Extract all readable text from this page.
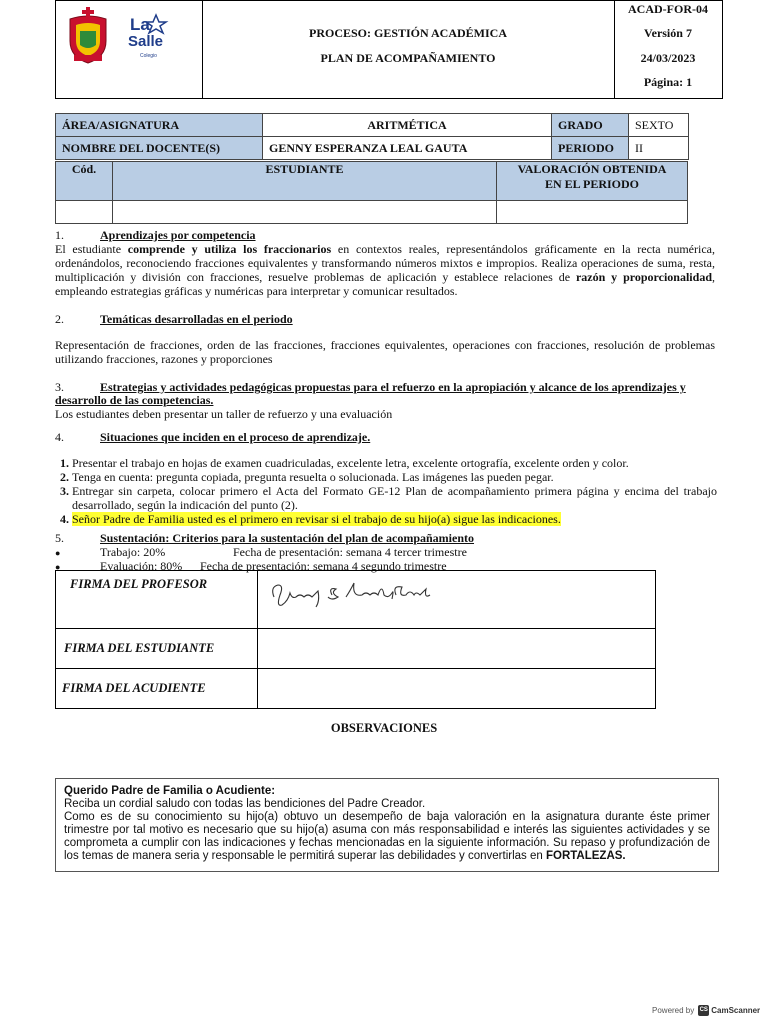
La
Salle
Colegio
PROCESO: GESTIÓN ACADÉMICA
PLAN DE ACOMPAÑAMIENTO
ACAD-FOR-04
Versión 7
24/03/2023
Página: 1
ÁREA/ASIGNATURA	ARITMÉTICA	GRADO	SEXTO
NOMBRE DEL DOCENTE(S)	GENNY ESPERANZA LEAL GAUTA	PERIODO	II
Cód.	ESTUDIANTE	VALORACIÓN OBTENIDA
EN EL PERIODO

1.	Aprendizajes por competencia
El estudiante comprende y utiliza los fraccionarios en contextos reales, representándolos gráficamente en la recta numérica, ordenándolos, reconociendo fracciones equivalentes y transformando números mixtos e impropios. Realiza operaciones de suma, resta, multiplicación y división con fracciones, resuelve problemas de aplicación y establece relaciones de razón y proporcionalidad, empleando estrategias gráficas y numéricas para interpretar y comunicar resultados.
2.	Temáticas desarrolladas en el periodo
Representación de fracciones, orden de las fracciones, fracciones equivalentes, operaciones con fracciones, resolución de problemas utilizando fracciones, razones y proporciones
3.	Estrategias y actividades pedagógicas propuestas para el refuerzo en la apropiación y alcance de los aprendizajes y
desarrollo de las competencias.
Los estudiantes deben presentar un taller de refuerzo y una evaluación
4.	Situaciones que inciden en el proceso de aprendizaje.
1. Presentar el trabajo en hojas de examen cuadriculadas, excelente letra, excelente ortografía, excelente orden y color.
2. Tenga en cuenta: pregunta copiada, pregunta resuelta o solucionada. Las imágenes las pueden pegar.
3. Entregar sin carpeta, colocar primero el Acta del Formato GE-12 Plan de acompañamiento primera página y encima del trabajo desarrollado, según la indicación del punto (2).
4. Señor Padre de Familia usted es el primero en revisar si el trabajo de su hijo(a) sigue las indicaciones.
5.	Sustentación: Criterios para la sustentación del plan de acompañamiento
●	Trabajo: 20%	Fecha de presentación: semana 4 tercer trimestre
●	Evaluación: 80% Fecha de presentación: semana 4 segundo trimestre
FIRMA DEL PROFESOR	Genny E. Leal Gauta

FIRMA DEL ESTUDIANTE	
FIRMA DEL ACUDIENTE	
OBSERVACIONES
Querido Padre de Familia o Acudiente:
Reciba un cordial saludo con todas las bendiciones del Padre Creador.
Como es de su conocimiento su hijo(a) obtuvo un desempeño de baja valoración en la asignatura durante éste primer trimestre por tal motivo es necesario que su hijo(a) asuma con más responsabilidad e interés las siguientes actividades y se comprometa a cumplir con las indicaciones y fechas mencionadas en la siguiente información. Su repaso y profundización de los temas de manera seria y responsable le permitirá superar las debilidades y convertirlas en FORTALEZAS.
Powered by CS CamScanner
